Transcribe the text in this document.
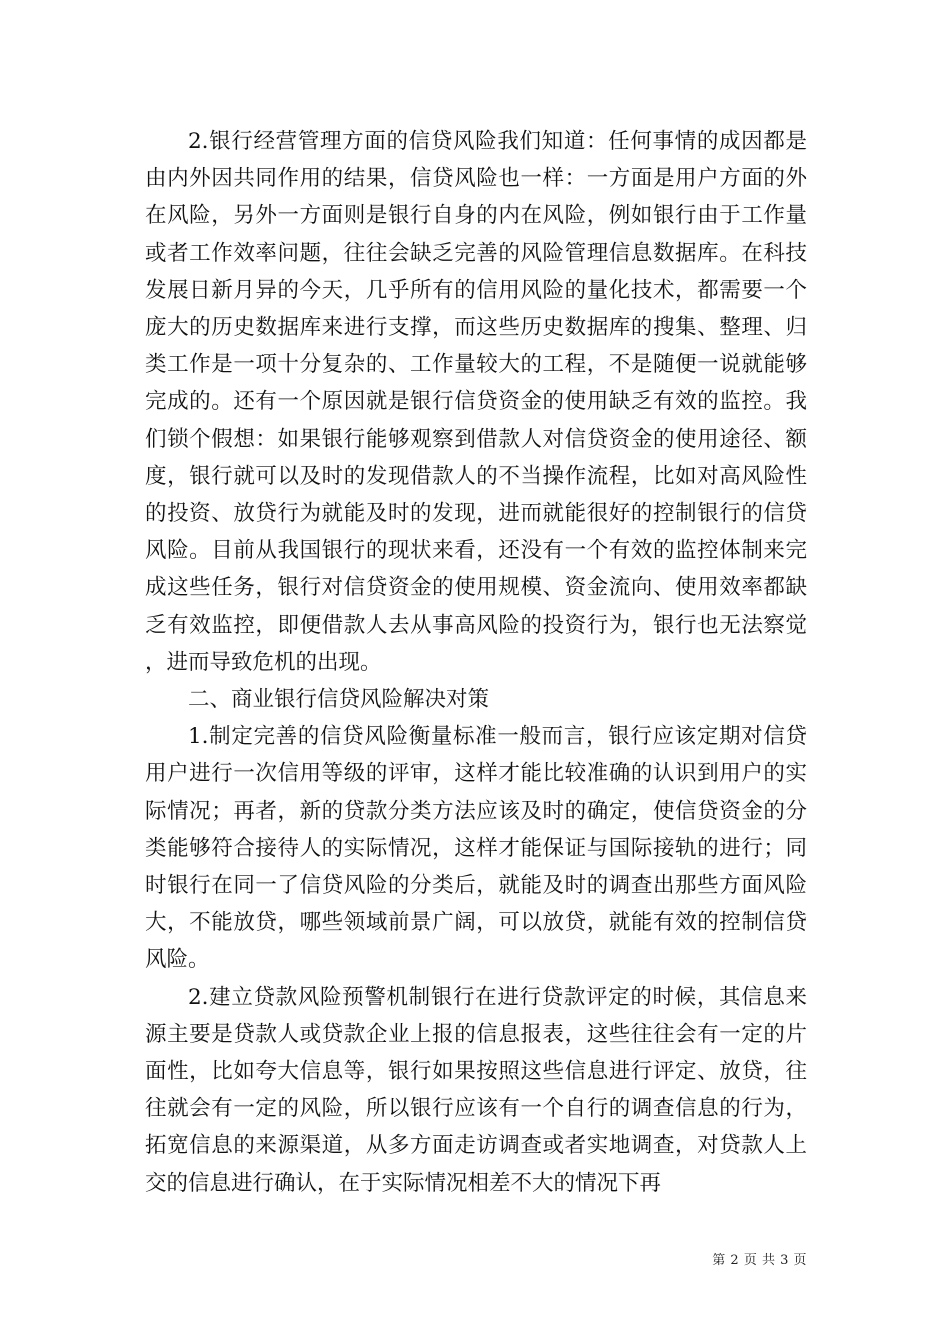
2.银行经营管理方面的信贷风险我们知道：任何事情的成因都是由内外因共同作用的结果，信贷风险也一样：一方面是用户方面的外在风险，另外一方面则是银行自身的内在风险，例如银行由于工作量或者工作效率问题，往往会缺乏完善的风险管理信息数据库。在科技发展日新月异的今天，几乎所有的信用风险的量化技术，都需要一个庞大的历史数据库来进行支撑，而这些历史数据库的搜集、整理、归类工作是一项十分复杂的、工作量较大的工程，不是随便一说就能够完成的。还有一个原因就是银行信贷资金的使用缺乏有效的监控。我们锁个假想：如果银行能够观察到借款人对信贷资金的使用途径、额度，银行就可以及时的发现借款人的不当操作流程，比如对高风险性的投资、放贷行为就能及时的发现，进而就能很好的控制银行的信贷风险。目前从我国银行的现状来看，还没有一个有效的监控体制来完成这些任务，银行对信贷资金的使用规模、资金流向、使用效率都缺乏有效监控，即便借款人去从事高风险的投资行为，银行也无法察觉，进而导致危机的出现。

二、商业银行信贷风险解决对策

1.制定完善的信贷风险衡量标准一般而言，银行应该定期对信贷用户进行一次信用等级的评审，这样才能比较准确的认识到用户的实际情况；再者，新的贷款分类方法应该及时的确定，使信贷资金的分类能够符合接待人的实际情况，这样才能保证与国际接轨的进行；同时银行在同一了信贷风险的分类后，就能及时的调查出那些方面风险大，不能放贷，哪些领域前景广阔，可以放贷，就能有效的控制信贷风险。

2.建立贷款风险预警机制银行在进行贷款评定的时候，其信息来源主要是贷款人或贷款企业上报的信息报表，这些往往会有一定的片面性，比如夸大信息等，银行如果按照这些信息进行评定、放贷，往往就会有一定的风险，所以银行应该有一个自行的调查信息的行为，拓宽信息的来源渠道，从多方面走访调查或者实地调查，对贷款人上交的信息进行确认，在于实际情况相差不大的情况下再

第 2 页 共 3 页
